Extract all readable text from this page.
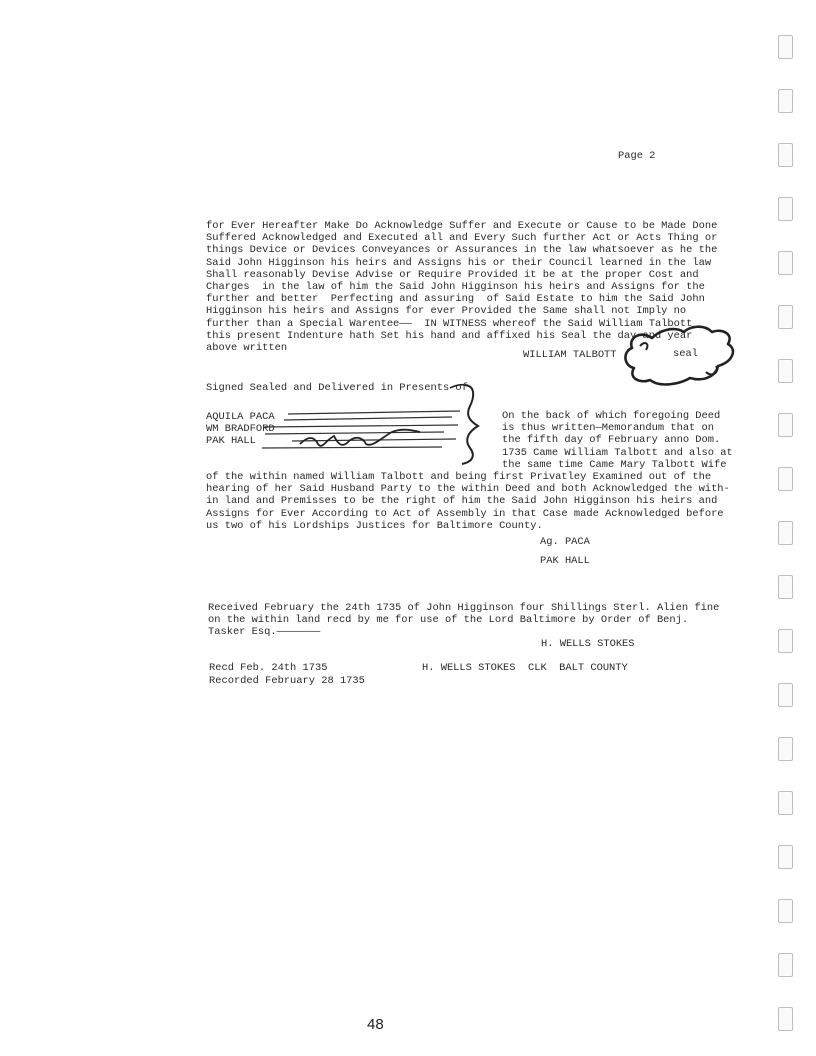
Page 2
for Ever Hereafter Make Do Acknowledge Suffer and Execute or Cause to be Made Done
Suffered Acknowledged and Executed all and Every Such further Act or Acts Thing or
things Device or Devices Conveyances or Assurances in the law whatsoever as he the
Said John Higginson his heirs and Assigns his or their Council learned in the law
Shall reasonably Devise Advise or Require Provided it be at the proper Cost and
Charges  in the law of him the Said John Higginson his heirs and Assigns for the
further and better  Perfecting and assuring  of Said Estate to him the Said John
Higginson his heirs and Assigns for ever Provided the Same shall not Imply no
further than a Special Warentee——  IN WITNESS whereof the Said William Talbott
this present Indenture hath Set his hand and affixed his Seal the day and year
above written
WILLIAM TALBOTT	seal
Signed Sealed and Delivered in Presents of
AQUILA PACA
WM BRADFORD
PAK HALL
On the back of which foregoing Deed
is thus written—Memorandum that on
the fifth day of February anno Dom.
1735 Came William Talbott and also at
the same time Came Mary Talbott Wife
of the within named William Talbott and being first Privatley Examined out of the
hearing of her Said Husband Party to the within Deed and both Acknowledged the with-
in land and Premisses to be the right of him the Said John Higginson his heirs and
Assigns for Ever According to Act of Assembly in that Case made Acknowledged before
us two of his Lordships Justices for Baltimore County.
Ag. PACA
PAK HALL
Received February the 24th 1735 of John Higginson four Shillings Sterl. Alien fine
on the within land recd by me for use of the Lord Baltimore by Order of Benj.
Tasker Esq.———————
H. WELLS STOKES
Recd Feb. 24th 1735
Recorded February 28 1735
H. WELLS STOKES  CLK  BALT COUNTY
48
